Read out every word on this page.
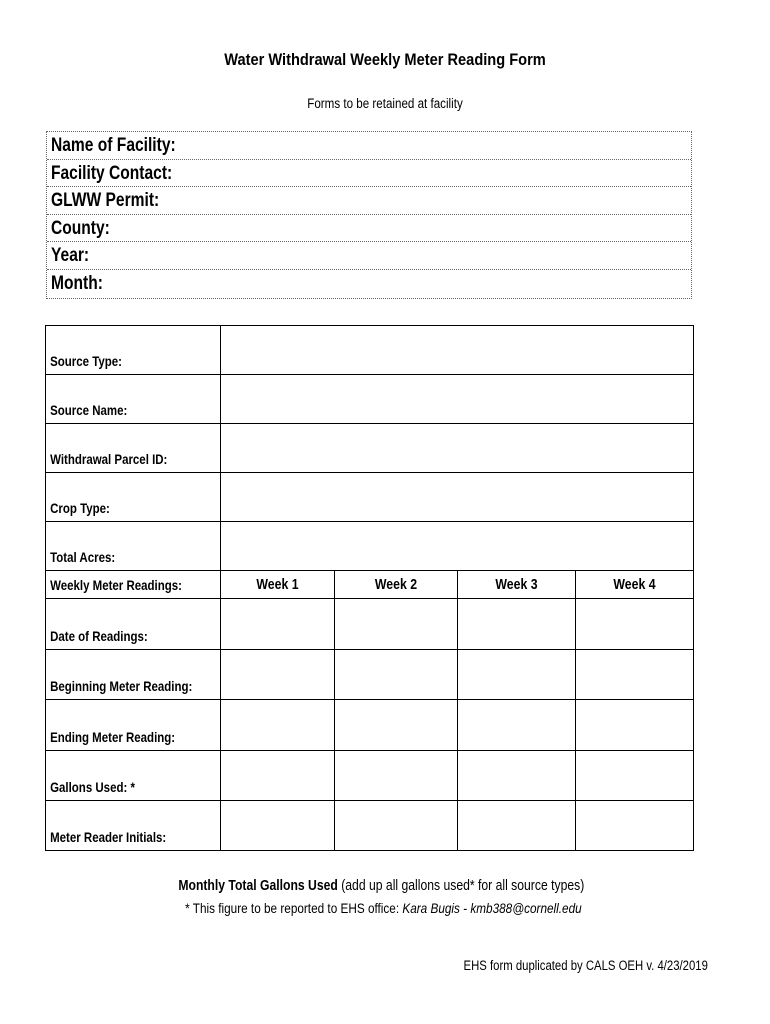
Water Withdrawal Weekly Meter Reading Form
Forms to be retained at facility
Name of Facility:
Facility Contact:
GLWW Permit:
County:
Year:
Month:
Source Type:				

Source Name:				

Withdrawal Parcel ID:				

Crop Type:				

Total Acres:				

Weekly Meter Readings:	Week 1	Week 2	Week 3	Week 4

Date of Readings:				

Beginning Meter Reading:				

Ending Meter Reading:				

Gallons Used: *				

Meter Reader Initials:				

Monthly Total Gallons Used (add up all gallons used* for all source types)
* This figure to be reported to EHS office: Kara Bugis - kmb388@cornell.edu
EHS form duplicated by CALS OEH v. 4/23/2019
